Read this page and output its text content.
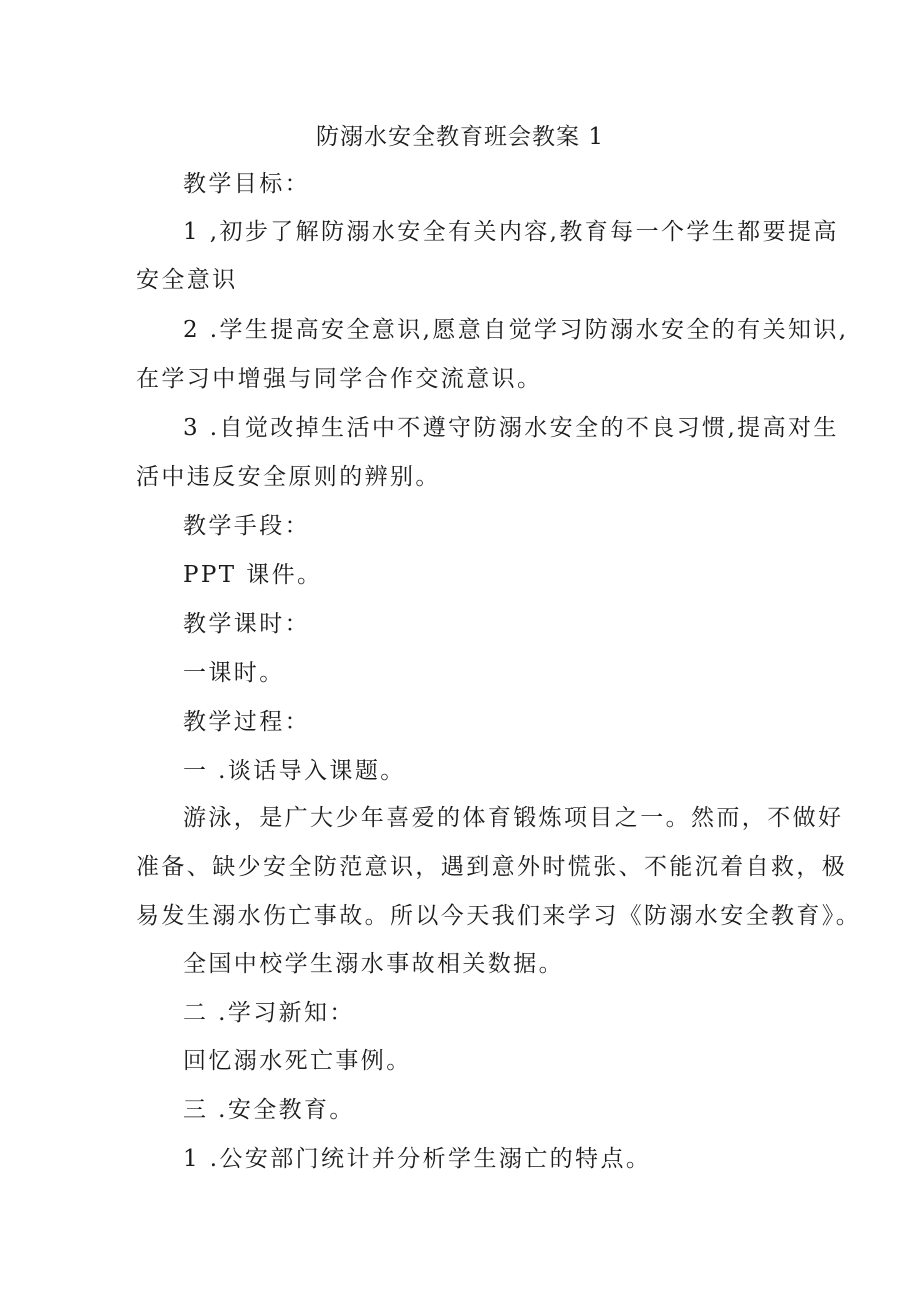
防溺水安全教育班会教案 1
教学目标：
1 ,初步了解防溺水安全有关内容,教育每一个学生都要提高
安全意识
2 .学生提高安全意识,愿意自觉学习防溺水安全的有关知识,
在学习中增强与同学合作交流意识。
3 .自觉改掉生活中不遵守防溺水安全的不良习惯,提高对生
活中违反安全原则的辨别。
教学手段：
PPT 课件。
教学课时：
一课时。
教学过程：
一 .谈话导入课题。
游泳，是广大少年喜爱的体育锻炼项目之一。然而，不做好
准备、缺少安全防范意识，遇到意外时慌张、不能沉着自救，极
易发生溺水伤亡事故。所以今天我们来学习《防溺水安全教育》。
全国中校学生溺水事故相关数据。
二 .学习新知：
回忆溺水死亡事例。
三 .安全教育。
1 .公安部门统计并分析学生溺亡的特点。
